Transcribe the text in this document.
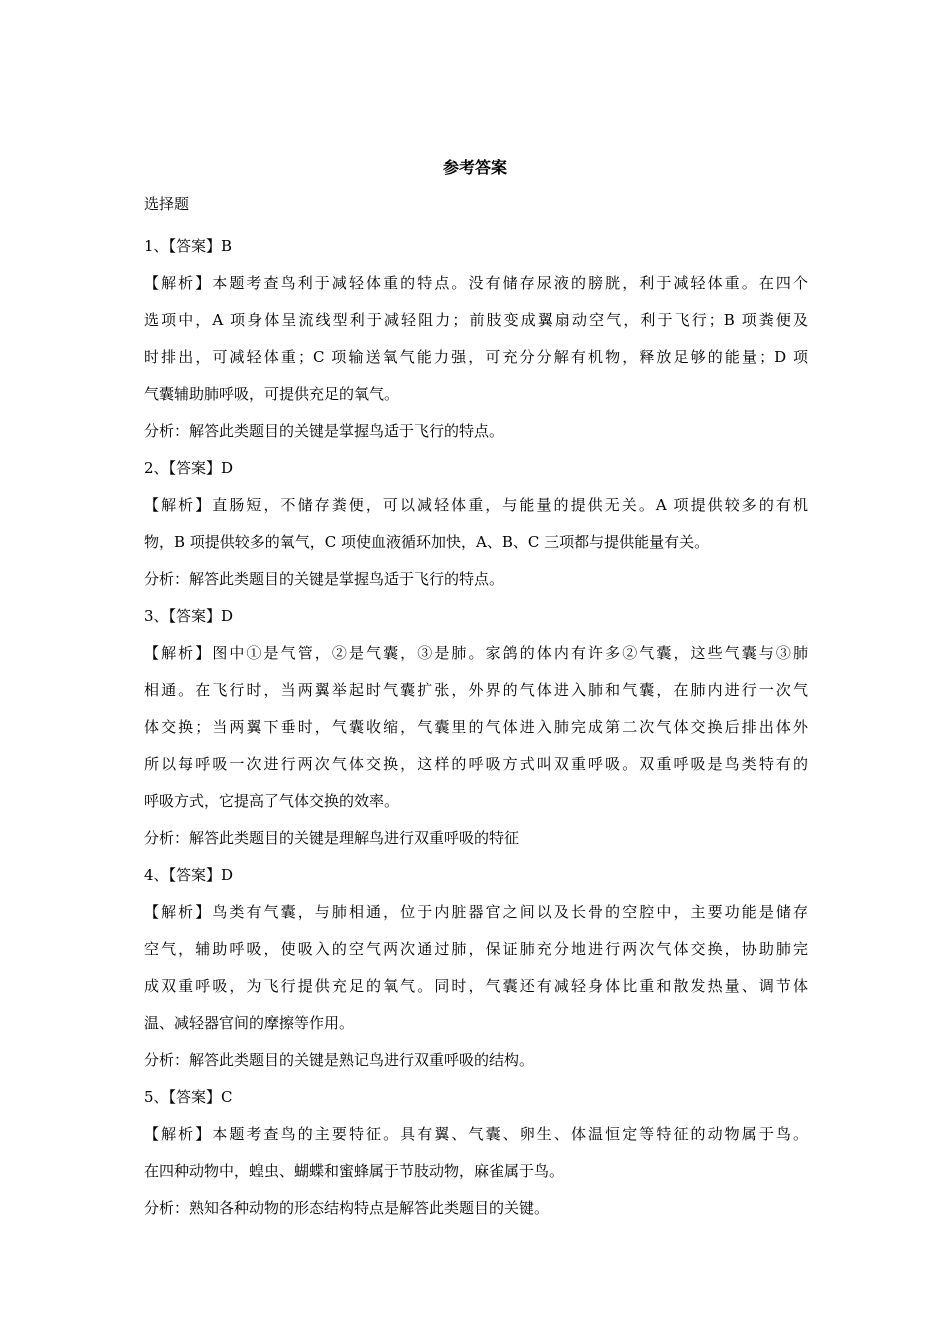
参考答案
选择题
1、【答案】B
【解析】本题考查鸟利于减轻体重的特点。没有储存尿液的膀胱，利于减轻体重。在四个
选项中，A 项身体呈流线型利于减轻阻力；前肢变成翼扇动空气，利于飞行；B 项粪便及
时排出，可减轻体重；C 项输送氧气能力强，可充分分解有机物，释放足够的能量；D 项
气囊辅助肺呼吸，可提供充足的氧气。
分析：解答此类题目的关键是掌握鸟适于飞行的特点。
2、【答案】D
【解析】直肠短，不储存粪便，可以减轻体重，与能量的提供无关。A 项提供较多的有机
物，B 项提供较多的氧气，C 项使血液循环加快，A、B、C 三项都与提供能量有关。
分析：解答此类题目的关键是掌握鸟适于飞行的特点。
3、【答案】D
【解析】图中①是气管，②是气囊，③是肺。家鸽的体内有许多②气囊，这些气囊与③肺
相通。在飞行时，当两翼举起时气囊扩张，外界的气体进入肺和气囊，在肺内进行一次气
体交换；当两翼下垂时，气囊收缩，气囊里的气体进入肺完成第二次气体交换后排出体外
所以每呼吸一次进行两次气体交换，这样的呼吸方式叫双重呼吸。双重呼吸是鸟类特有的
呼吸方式，它提高了气体交换的效率。
分析：解答此类题目的关键是理解鸟进行双重呼吸的特征
4、【答案】D
【解析】鸟类有气囊，与肺相通，位于内脏器官之间以及长骨的空腔中，主要功能是储存
空气，辅助呼吸，使吸入的空气两次通过肺，保证肺充分地进行两次气体交换，协助肺完
成双重呼吸，为飞行提供充足的氧气。同时，气囊还有减轻身体比重和散发热量、调节体
温、减轻器官间的摩擦等作用。
分析：解答此类题目的关键是熟记鸟进行双重呼吸的结构。
5、【答案】C
【解析】本题考查鸟的主要特征。具有翼、气囊、卵生、体温恒定等特征的动物属于鸟。
在四种动物中，蝗虫、蝴蝶和蜜蜂属于节肢动物，麻雀属于鸟。
分析：熟知各种动物的形态结构特点是解答此类题目的关键。
